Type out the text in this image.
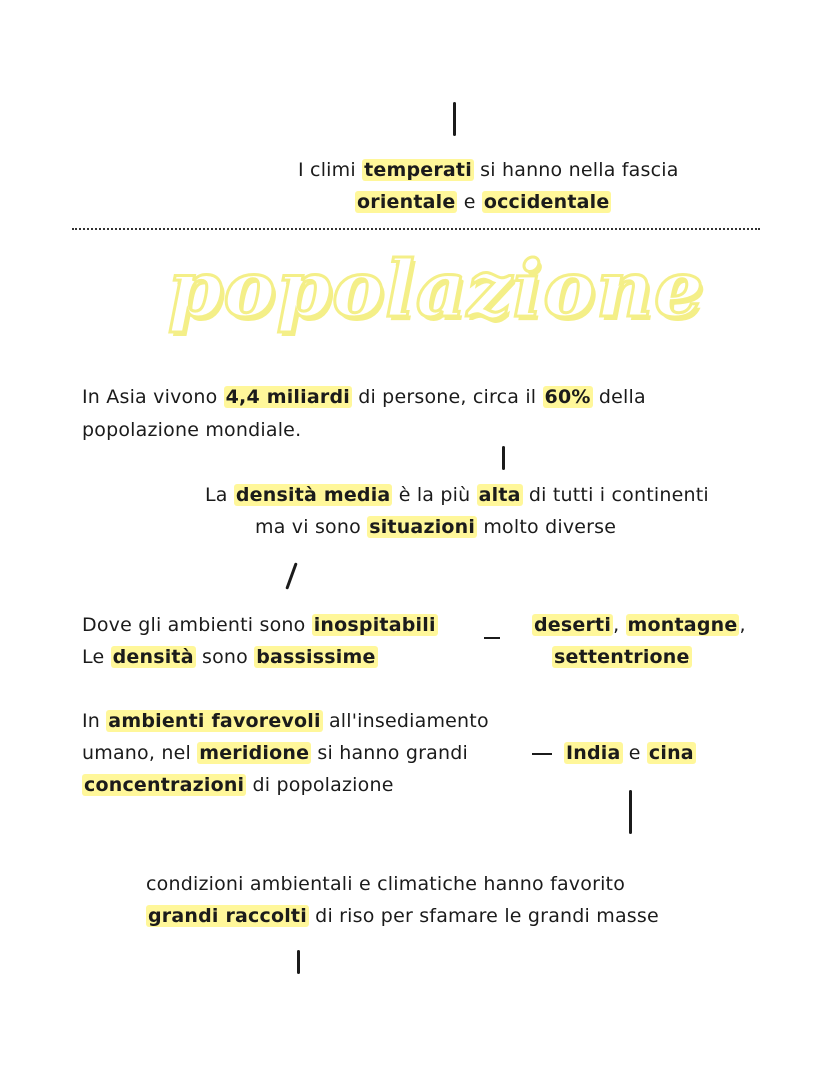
I climi temperati si hanno nella fascia
orientale e occidentale
popolazione
In Asia vivono 4,4 miliardi di persone, circa il 60% della
popolazione mondiale.
La densità media è la più alta di tutti i continenti
ma vi sono situazioni molto diverse
Dove gli ambienti sono inospitabili
Le densità sono bassissime
deserti , montagne ,
settentrione
In ambienti favorevoli all'insediamento
umano, nel meridione si hanno grandi
concentrazioni di popolazione
India e cina
condizioni ambientali e climatiche hanno favorito
grandi raccolti di riso per sfamare le grandi masse
